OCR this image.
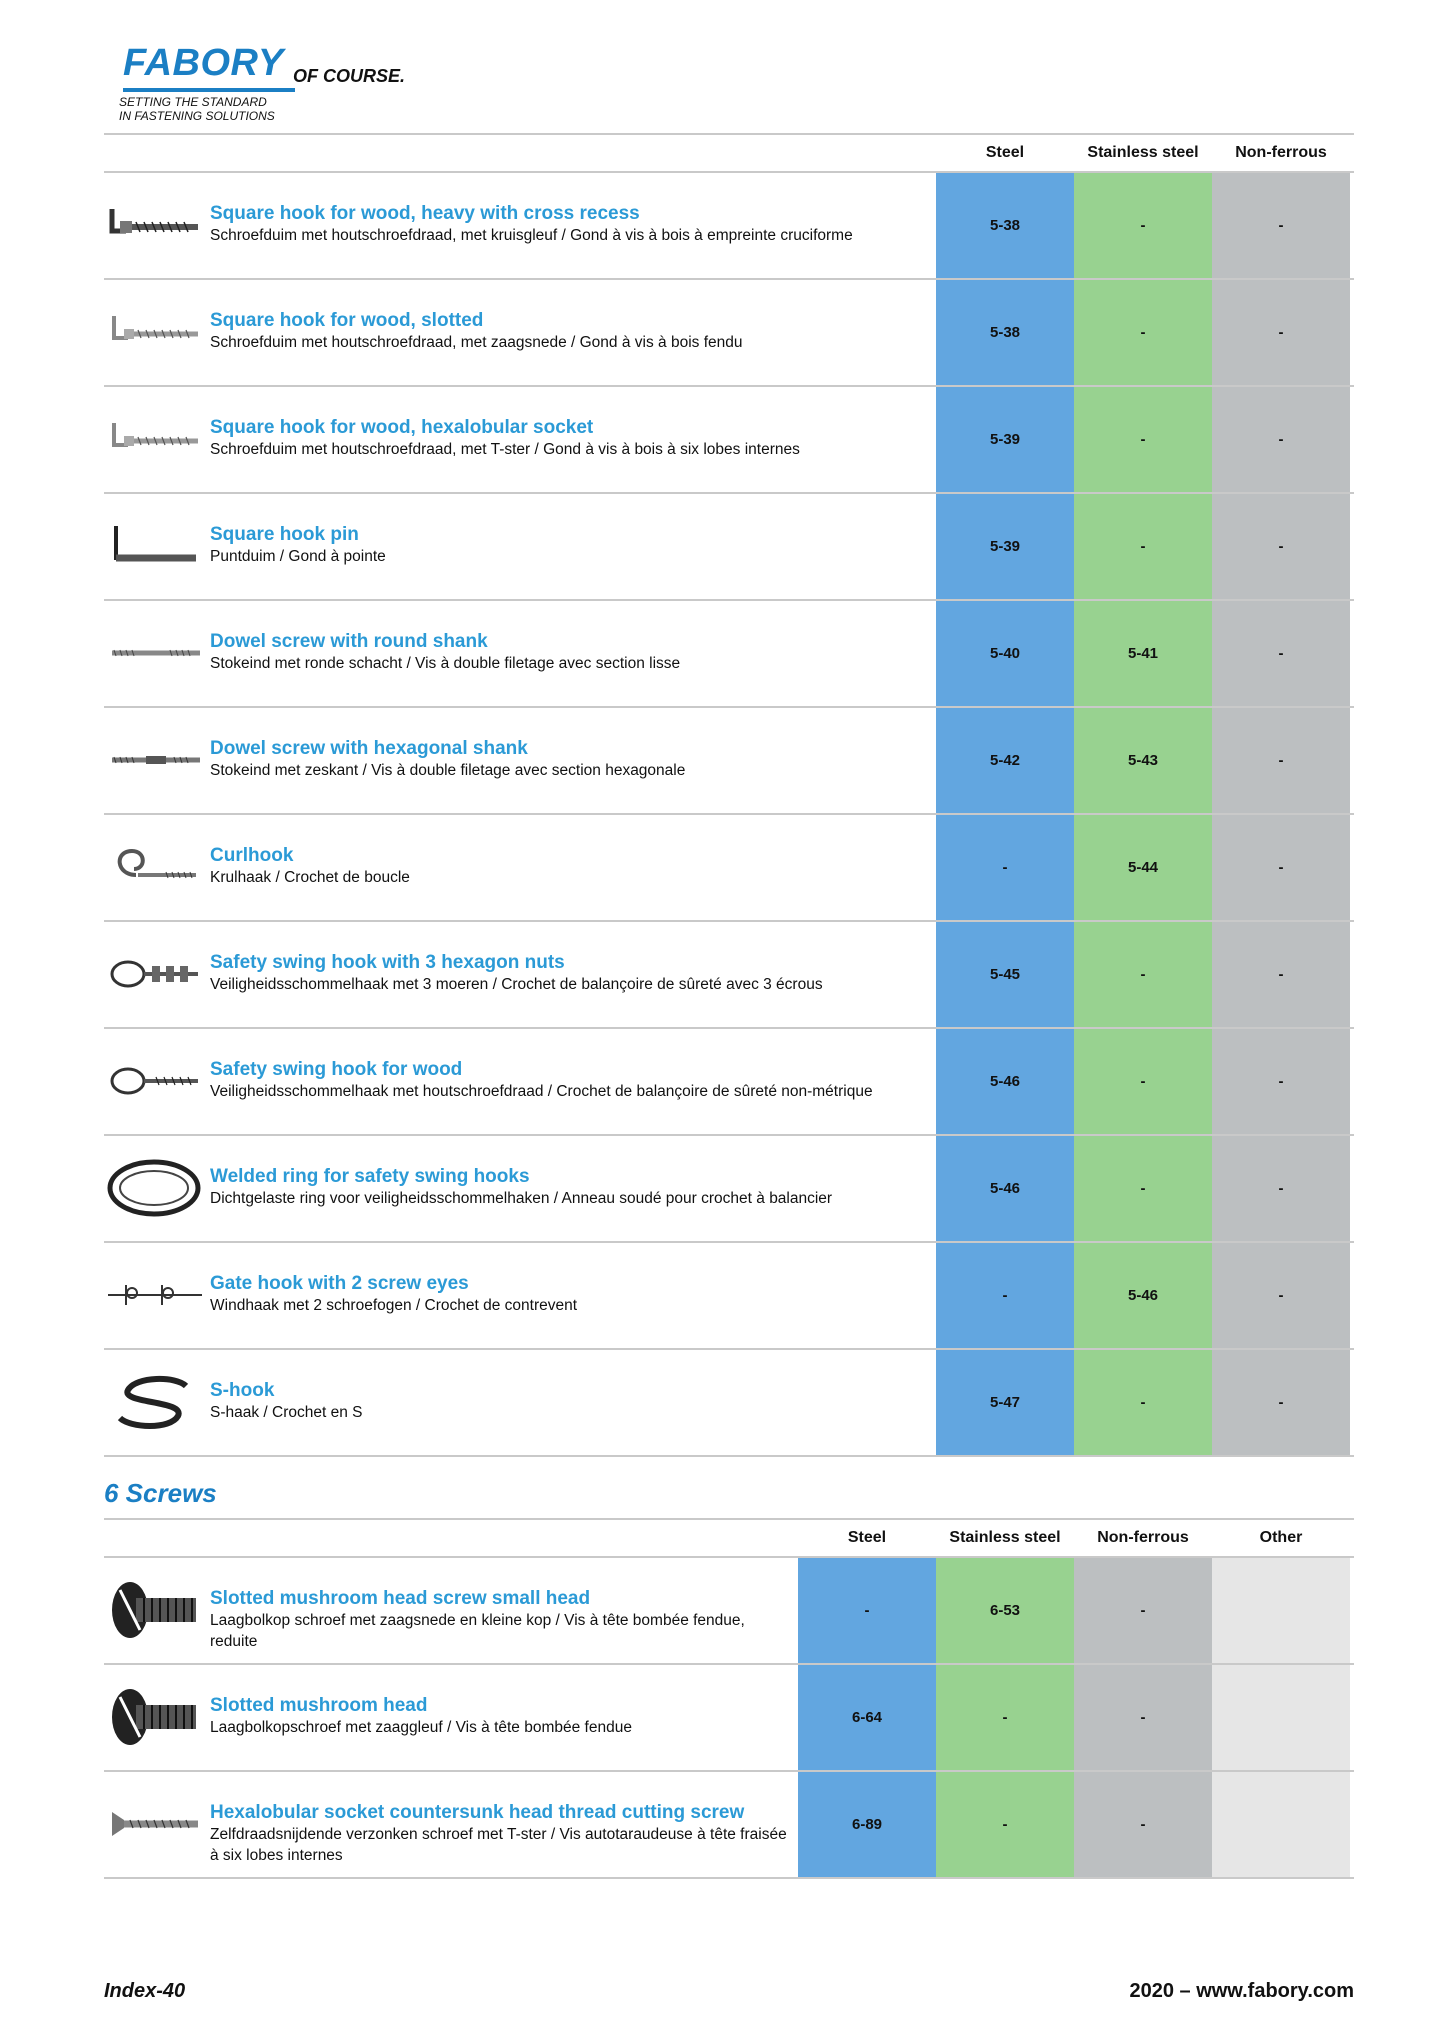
FABORY OF COURSE.
SETTING THE STANDARD
IN FASTENING SOLUTIONS
Steel	Stainless steel	Non-ferrous
Square hook for wood, heavy with cross recess
Schroefduim met houtschroefdraad, met kruisgleuf / Gond à vis à bois à empreinte cruciforme
5-38	-	-
Square hook for wood, slotted
Schroefduim met houtschroefdraad, met zaagsnede / Gond à vis à bois fendu
5-38	-	-
Square hook for wood, hexalobular socket
Schroefduim met houtschroefdraad, met T-ster / Gond à vis à bois à six lobes internes
5-39	-	-
Square hook pin
Puntduim / Gond à pointe
5-39	-	-
Dowel screw with round shank
Stokeind met ronde schacht / Vis à double filetage avec section lisse
5-40	5-41	-
Dowel screw with hexagonal shank
Stokeind met zeskant / Vis à double filetage avec section hexagonale
5-42	5-43	-
Curlhook
Krulhaak / Crochet de boucle
-	5-44	-
Safety swing hook with 3 hexagon nuts
Veiligheidsschommelhaak met 3 moeren / Crochet de balançoire de sûreté avec 3 écrous
5-45	-	-
Safety swing hook for wood
Veiligheidsschommelhaak met houtschroefdraad / Crochet de balançoire de sûreté non-métrique
5-46	-	-
Welded ring for safety swing hooks
Dichtgelaste ring voor veiligheidsschommelhaken / Anneau soudé pour crochet à balancier
5-46	-	-
Gate hook with 2 screw eyes
Windhaak met 2 schroefogen / Crochet de contrevent
-	5-46	-
S-hook
S-haak / Crochet en S
5-47	-	-
6 Screws
Steel	Stainless steel	Non-ferrous	Other
Slotted mushroom head screw small head
Laagbolkop schroef met zaagsnede en kleine kop / Vis à tête bombée fendue, reduite
-	6-53	-
Slotted mushroom head
Laagbolkopschroef met zaaggleuf / Vis à tête bombée fendue
6-64	-	-
Hexalobular socket countersunk head thread cutting screw
Zelfdraadsnijdende verzonken schroef met T-ster / Vis autotaraudeuse à tête fraisée à six lobes internes
6-89	-	-
Index-40	2020 – www.fabory.com
